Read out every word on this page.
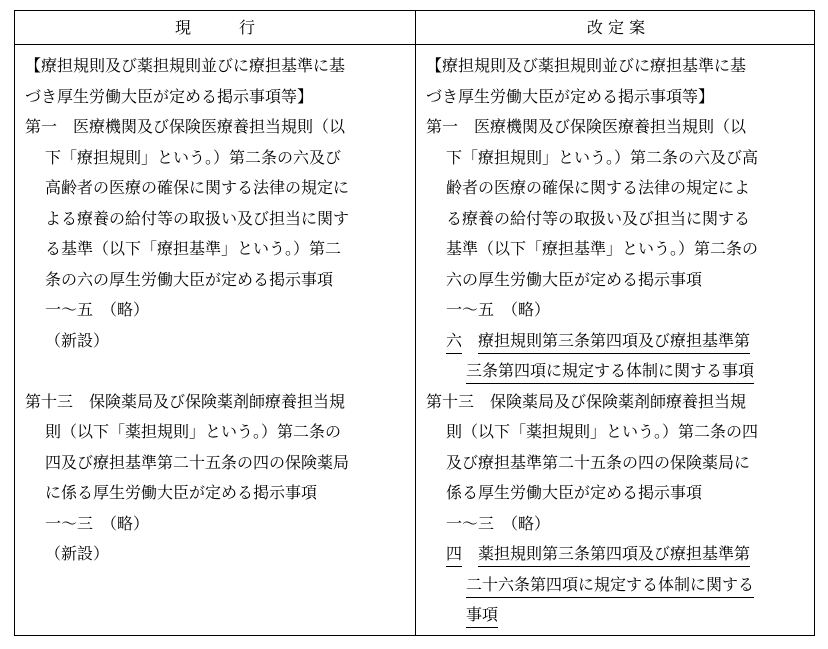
現　　　行	改 定 案
【療担規則及び薬担規則並びに療担基準に基
づき厚生労働大臣が定める掲示事項等】
第一　医療機関及び保険医療養担当規則（以
下「療担規則」という。）第二条の六及び
高齢者の医療の確保に関する法律の規定に
よる療養の給付等の取扱い及び担当に関す
る基準（以下「療担基準」という。）第二
条の六の厚生労働大臣が定める掲示事項
一～五　（略）
（新設）
第十三　保険薬局及び保険薬剤師療養担当規
則（以下「薬担規則」という。）第二条の
四及び療担基準第二十五条の四の保険薬局
に係る厚生労働大臣が定める掲示事項
一～三　（略）
（新設）
【療担規則及び薬担規則並びに療担基準に基
づき厚生労働大臣が定める掲示事項等】
第一　医療機関及び保険医療養担当規則（以
下「療担規則」という。）第二条の六及び高
齢者の医療の確保に関する法律の規定によ
る療養の給付等の取扱い及び担当に関する
基準（以下「療担基準」という。）第二条の
六の厚生労働大臣が定める掲示事項
一～五　（略）
六 療担規則第三条第四項及び療担基準第
三条第四項に規定する体制に関する事項
第十三　保険薬局及び保険薬剤師療養担当規
則（以下「薬担規則」という。）第二条の四
及び療担基準第二十五条の四の保険薬局に
係る厚生労働大臣が定める掲示事項
一～三　（略）
四 薬担規則第三条第四項及び療担基準第
二十六条第四項に規定する体制に関する
事項
